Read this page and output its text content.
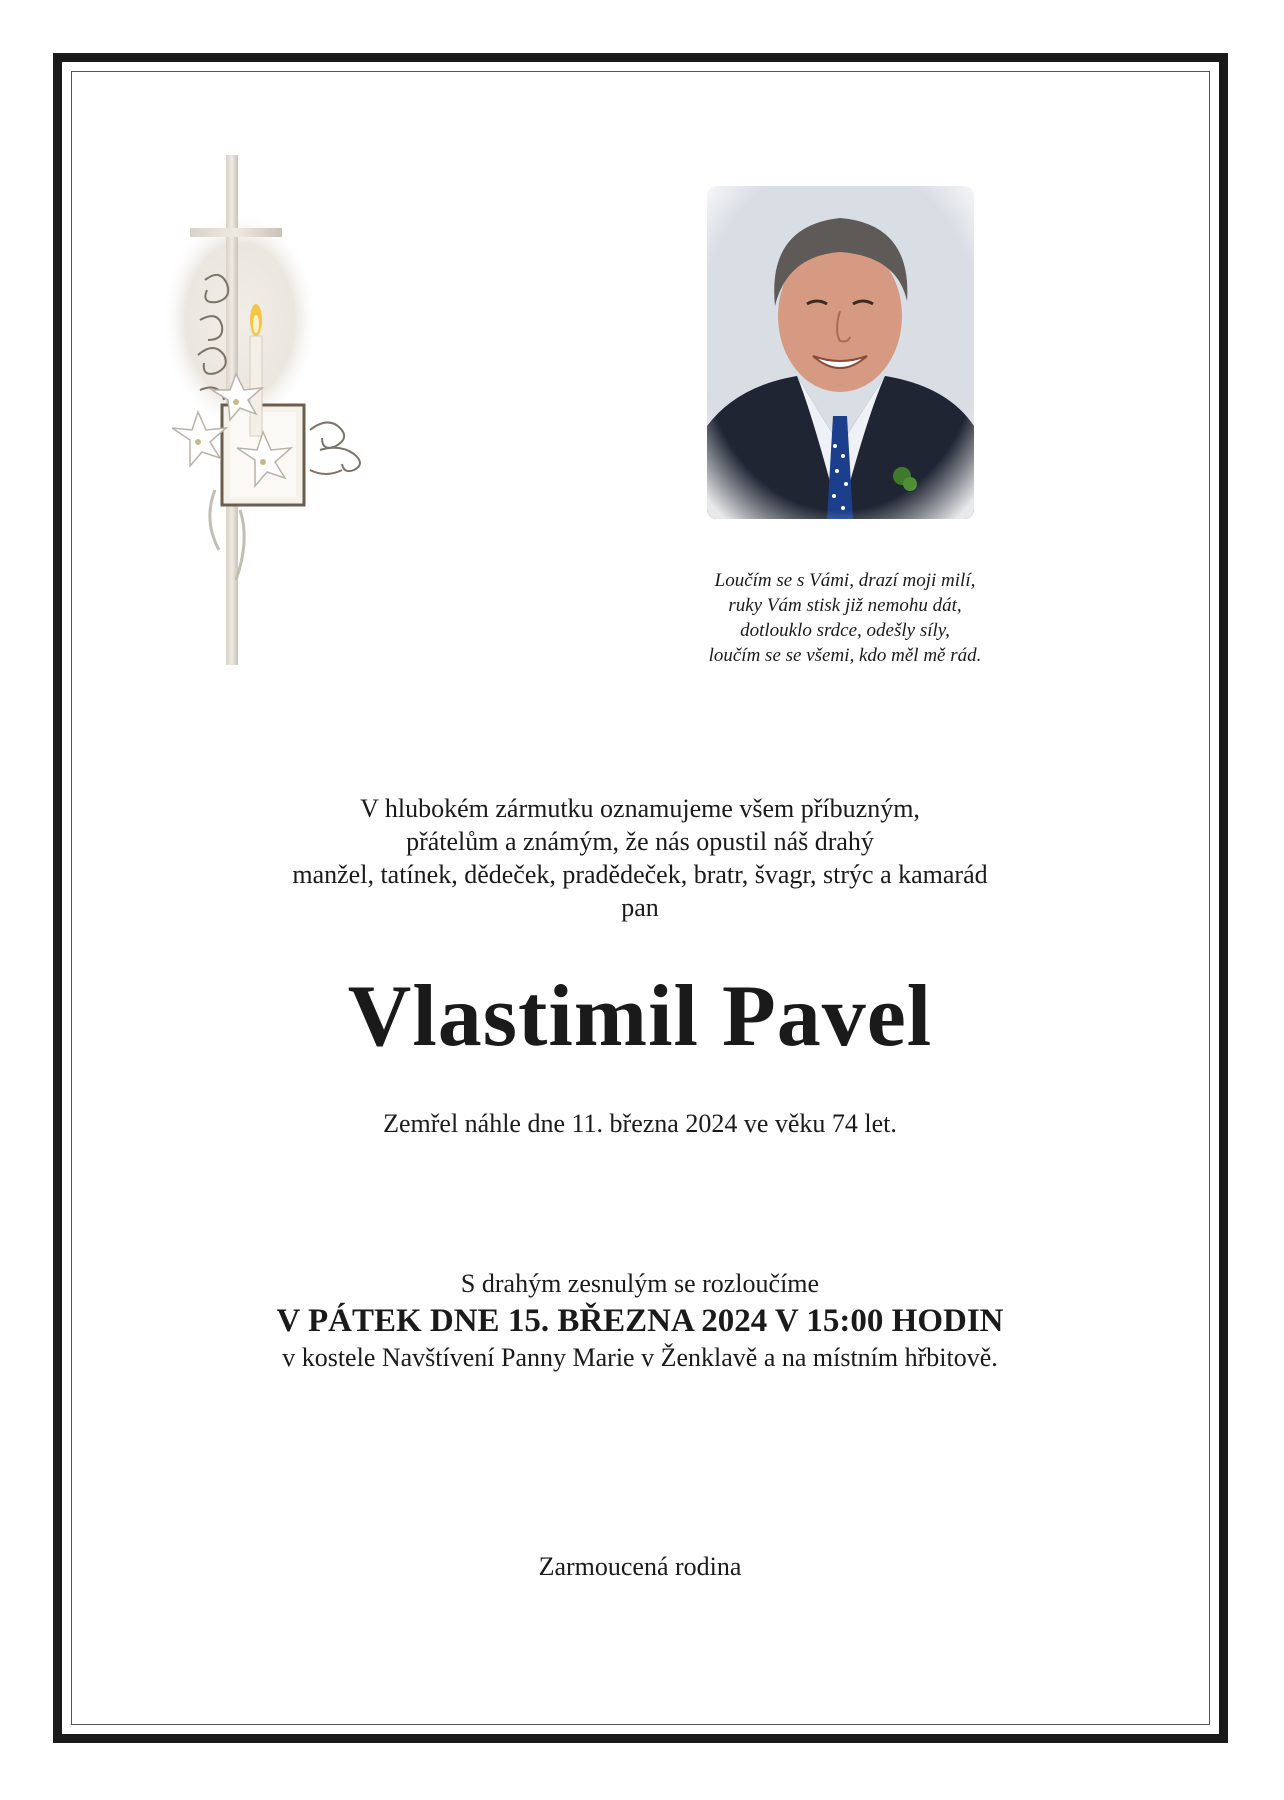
Loučím se s Vámi, drazí moji milí,
ruky Vám stisk již nemohu dát,
dotlouklo srdce, odešly síly,
loučím se se všemi, kdo měl mě rád.
V hlubokém zármutku oznamujeme všem příbuzným,
přátelům a známým, že nás opustil náš drahý
manžel, tatínek, dědeček, pradědeček, bratr, švagr, strýc a kamarád
pan
Vlastimil Pavel
Zemřel náhle dne 11. března 2024 ve věku 74 let.
S drahým zesnulým se rozloučíme
V PÁTEK DNE 15. BŘEZNA 2024 V 15:00 HODIN
v kostele Navštívení Panny Marie v Ženklavě a na místním hřbitově.
Zarmoucená rodina
